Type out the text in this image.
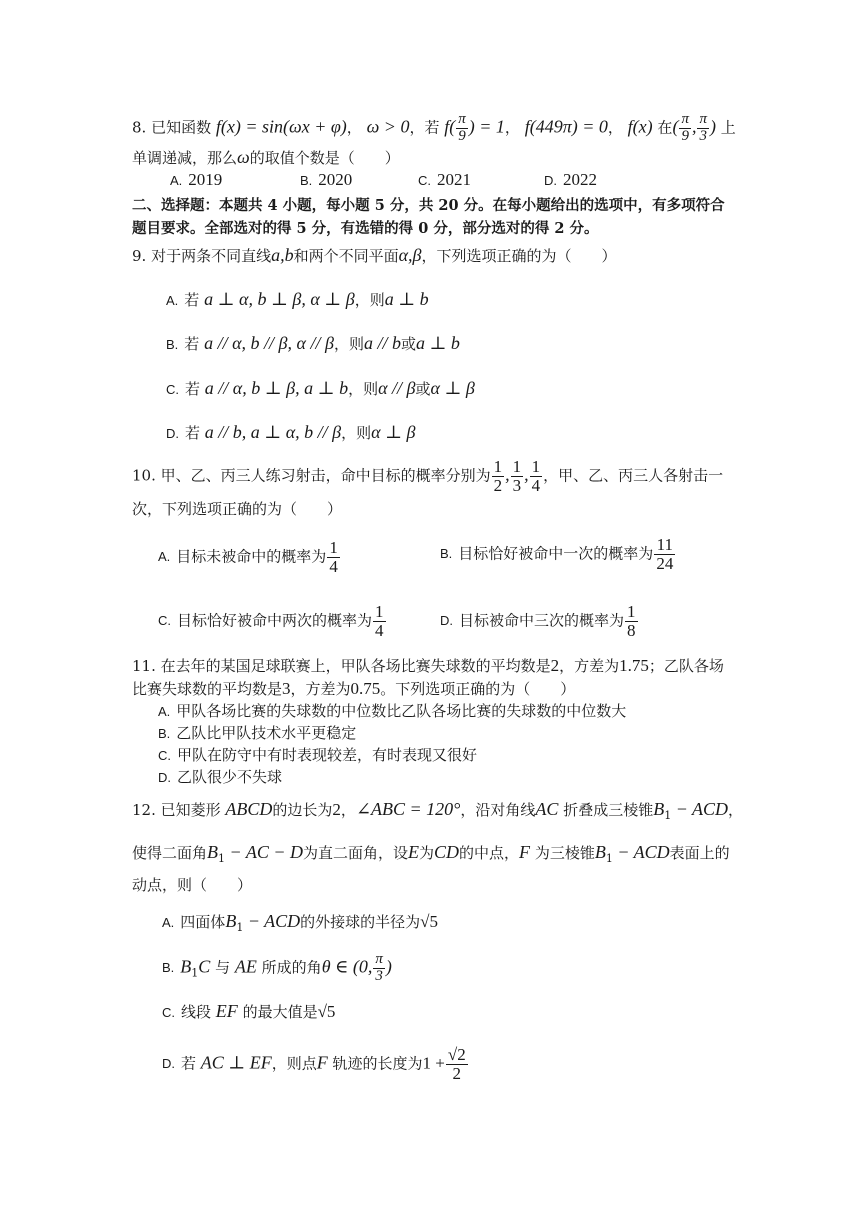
8. 已知函数 f(x) = sin(ωx + φ)， ω > 0，若 $f( \frac{\pi}{9}$ ) = 1， f(449π) = 0， f(x) 在( $\frac{\pi}{9}$ , $\frac{\pi}{3}$ ) 上
单调递减，那么ω的取值个数是（　　）
A. 2019	B. 2020	C. 2021	D. 2022
二、选择题：本题共 4 小题，每小题 5 分，共 20 分。在每小题给出的选项中，有多项符合
题目要求。全部选对的得 5 分，有选错的得 0 分，部分选对的得 2 分。
9. 对于两条不同直线a,b和两个不同平面α,β，下列选项正确的为（　　）
A. 若 a ⊥ α, b ⊥ β, α ⊥ β，则a ⊥ b
B. 若 a // α, b // β, α // β，则a // b或a ⊥ b
C. 若 a // α, b ⊥ β, a ⊥ b，则α // β或α ⊥ β
D. 若 a // b, a ⊥ α, b // β，则α ⊥ β
10. 甲、乙、丙三人练习射击，命中目标的概率分别为 $\frac{1}{2}$ , $\frac{1}{3}$ , $\frac{1}{4}$ ，甲、乙、丙三人各射击一
次，下列选项正确的为（　　）
A. 目标未被命中的概率为 $\frac{1}{4}$	B. 目标恰好被命中一次的概率为 $\frac{11}{24}$
C. 目标恰好被命中两次的概率为 $\frac{1}{4}$	D. 目标被命中三次的概率为 $\frac{1}{8}$
11. 在去年的某国足球联赛上，甲队各场比赛失球数的平均数是2，方差为1.75；乙队各场
比赛失球数的平均数是3，方差为0.75。下列选项正确的为（　　）
A. 甲队各场比赛的失球数的中位数比乙队各场比赛的失球数的中位数大
B. 乙队比甲队技术水平更稳定
C. 甲队在防守中有时表现较差，有时表现又很好
D. 乙队很少不失球
12. 已知菱形 ABCD的边长为2，∠ABC = 120°，沿对角线AC 折叠成三棱锥$B_1$ − ACD，
使得二面角$B_1$ − AC − D为直二面角，设E为CD的中点，F 为三棱锥$B_1$ − ACD表面上的
动点，则（　　）
A. 四面体$B_1$ − ACD的外接球的半径为√5
B. $B_1C$ 与 AE 所成的角θ ∈ (0, $\frac{\pi}{3}$ )
C. 线段 EF 的最大值是√5
D. 若 AC ⊥ EF，则点F 轨迹的长度为$1 + \frac{√2}{2}$
